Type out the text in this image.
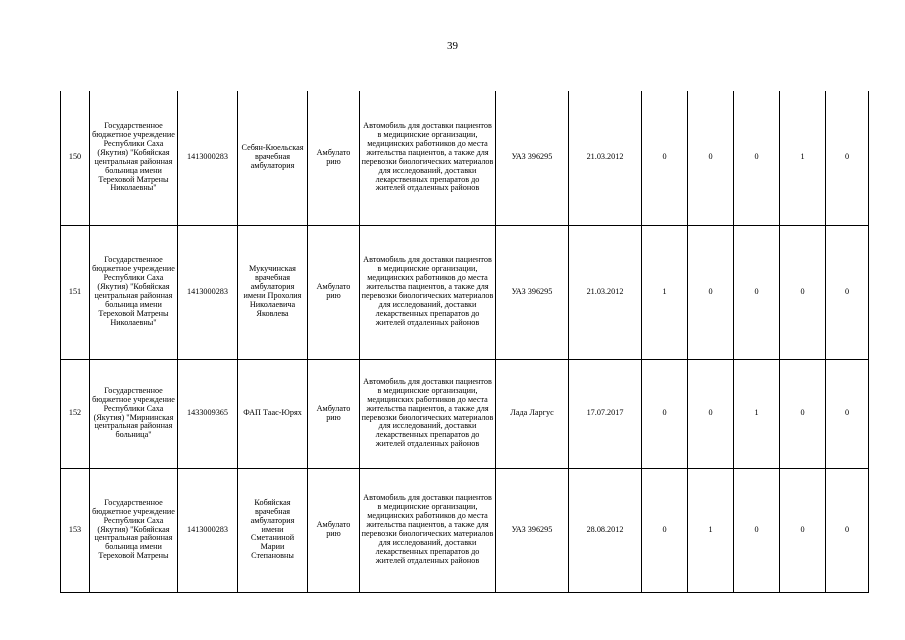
39
150	Государственное бюджетное учреждение Республики Саха (Якутия) "Кобяйская центральная районная больница имени Тереховой Матрены Николаевны"	1413000283	Себян-Кюельская врачебная амбулатория	Амбулато рию	Автомобиль для доставки пациентов в медицинские организации, медицинских работников до места жительства пациентов, а также для перевозки биологических материалов для исследований, доставки лекарственных препаратов до жителей отдаленных районов	УАЗ 396295	21.03.2012	0	0	0	1	0
151	Государственное бюджетное учреждение Республики Саха (Якутия) "Кобяйская центральная районная больница имени Тереховой Матрены Николаевны"	1413000283	Мукучинская врачебная амбулатория имени Прохолия Николаевича Яковлева	Амбулато рию	Автомобиль для доставки пациентов в медицинские организации, медицинских работников до места жительства пациентов, а также для перевозки биологических материалов для исследований, доставки лекарственных препаратов до жителей отдаленных районов	УАЗ 396295	21.03.2012	1	0	0	0	0
152	Государственное бюджетное учреждение Республики Саха (Якутия) "Мирнинская центральная районная больница"	1433009365	ФАП Таас-Юрях	Амбулато рию	Автомобиль для доставки пациентов в медицинские организации, медицинских работников до места жительства пациентов, а также для перевозки биологических материалов для исследований, доставки лекарственных препаратов до жителей отдаленных районов	Лада Ларгус	17.07.2017	0	0	1	0	0
153	Государственное бюджетное учреждение Республики Саха (Якутия) "Кобяйская центральная районная больница имени Тереховой Матрены	1413000283	Кобяйская врачебная амбулатория имени Сметаниной Марии Степановны	Амбулато рию	Автомобиль для доставки пациентов в медицинские организации, медицинских работников до места жительства пациентов, а также для перевозки биологических материалов для исследований, доставки лекарственных препаратов до жителей отдаленных районов	УАЗ 396295	28.08.2012	0	1	0	0	0
